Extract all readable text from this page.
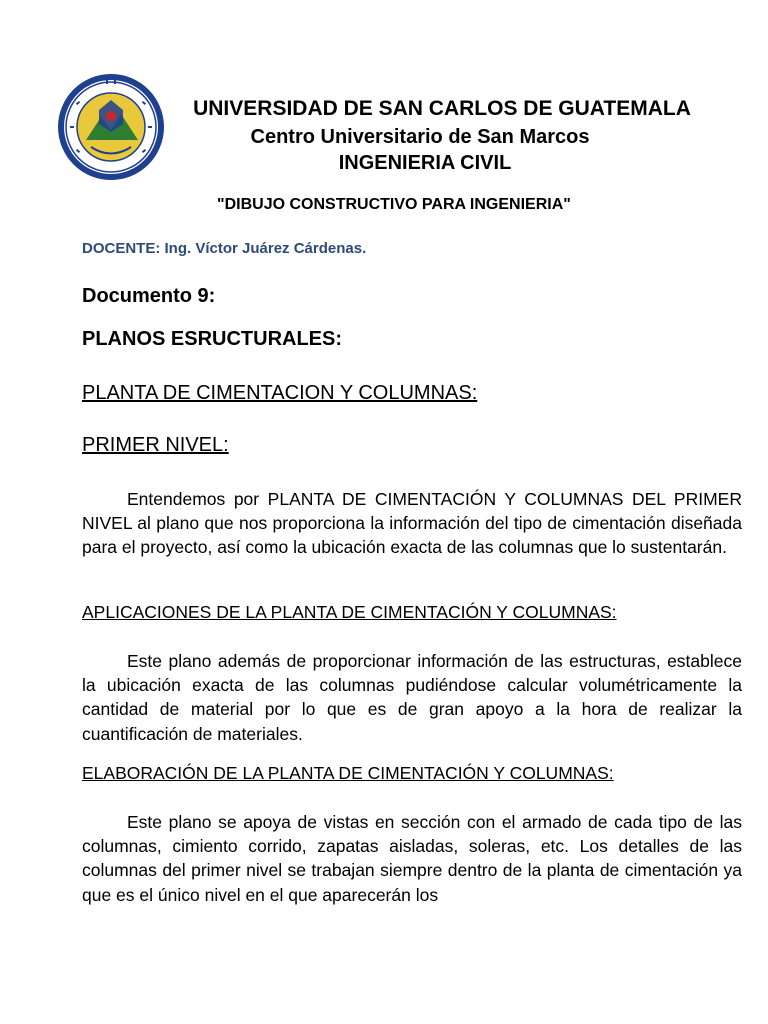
UNIVERSIDAD DE SAN CARLOS DE GUATEMALA
Centro Universitario de San Marcos
INGENIERIA CIVIL
"DIBUJO CONSTRUCTIVO PARA INGENIERIA"
DOCENTE: Ing. Víctor Juárez Cárdenas.
Documento 9:
PLANOS ESRUCTURALES:
PLANTA DE CIMENTACION Y COLUMNAS:
PRIMER NIVEL:
Entendemos por PLANTA DE CIMENTACIÓN Y COLUMNAS DEL PRIMER NIVEL al plano que nos proporciona la información del tipo de cimentación diseñada para el proyecto, así como la ubicación exacta de las columnas que lo sustentarán.
APLICACIONES DE LA PLANTA DE CIMENTACIÓN Y COLUMNAS:
Este plano además de proporcionar información de las estructuras, establece la ubicación exacta de las columnas pudiéndose calcular volumétricamente la cantidad de material por lo que es de gran apoyo a la hora de realizar la cuantificación de materiales.
ELABORACIÓN DE LA PLANTA DE CIMENTACIÓN Y COLUMNAS:
Este plano se apoya de vistas en sección con el armado de cada tipo de las columnas, cimiento corrido, zapatas aisladas, soleras, etc. Los detalles de las columnas del primer nivel se trabajan siempre dentro de la planta de cimentación ya que es el único nivel en el que aparecerán los
